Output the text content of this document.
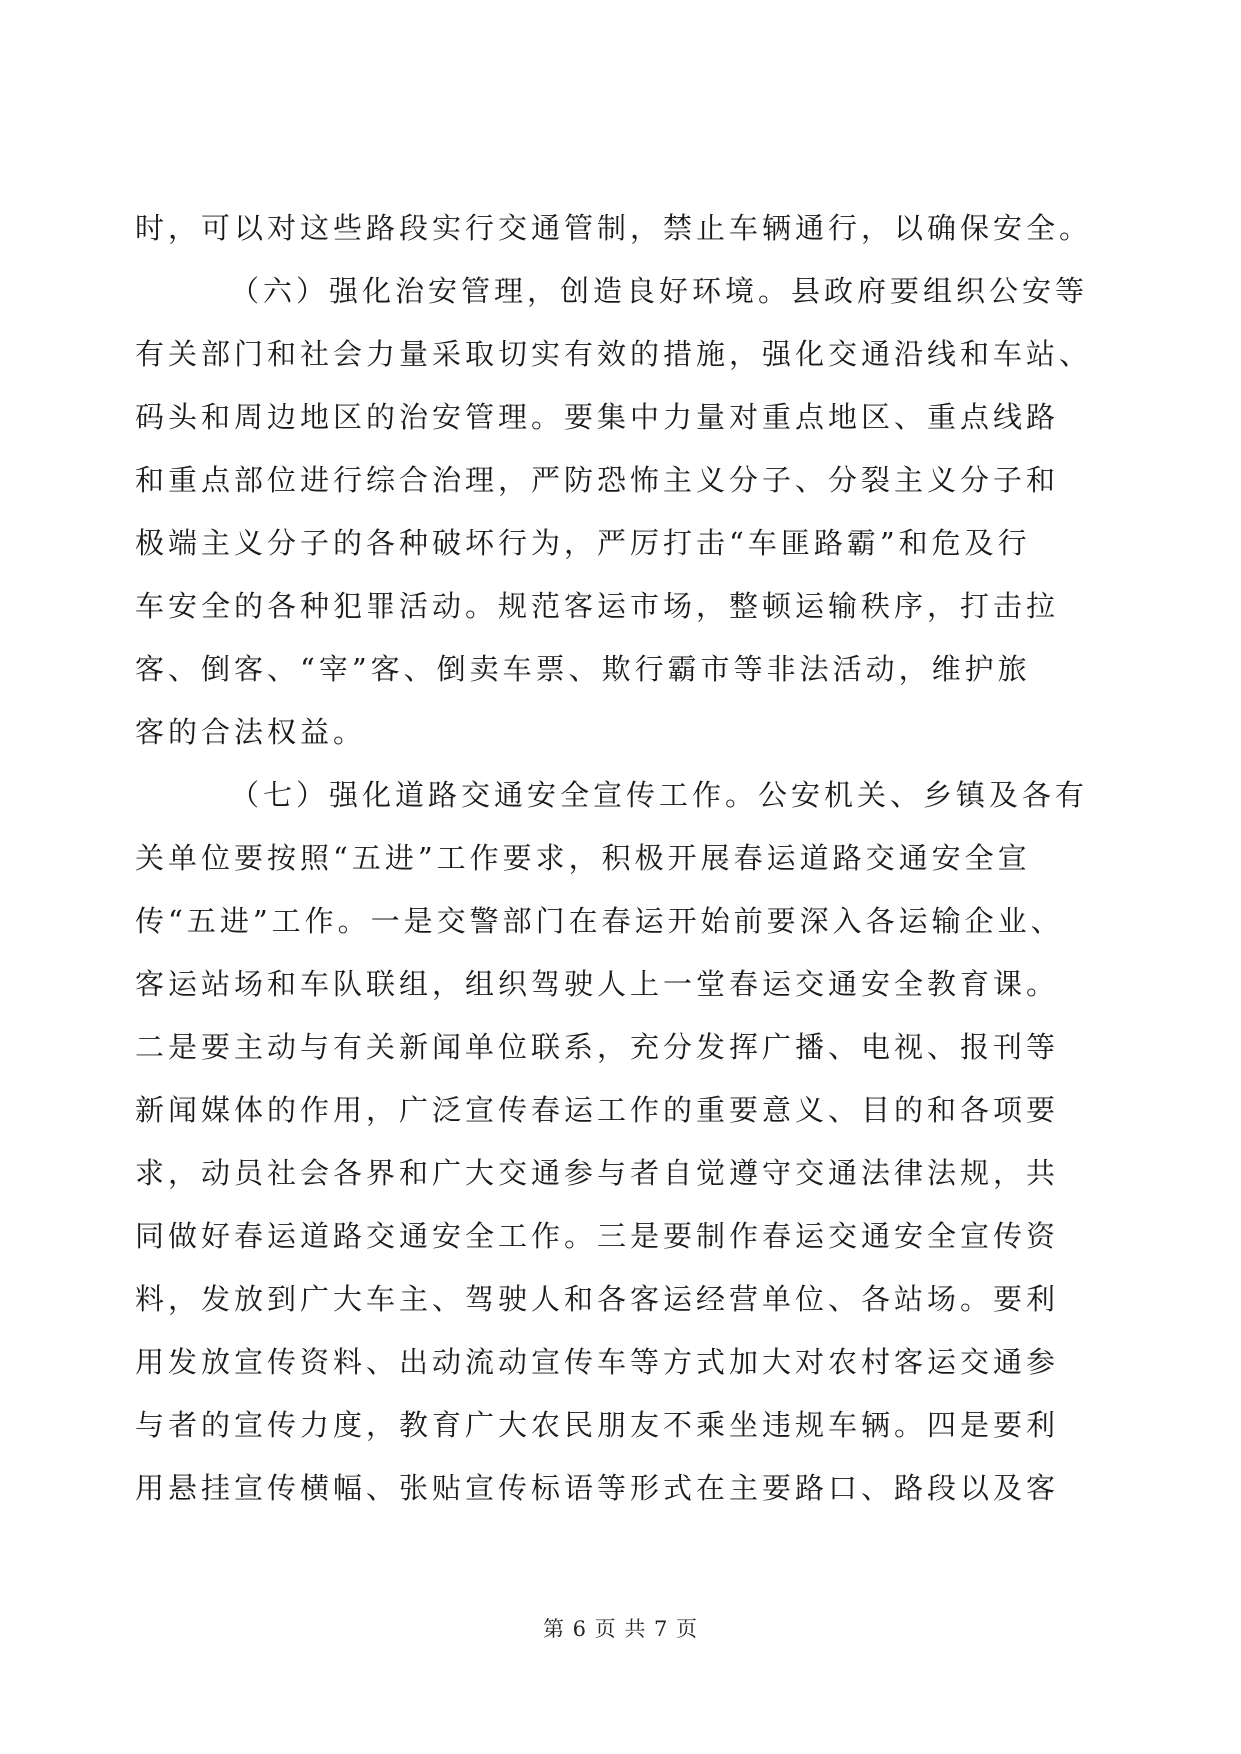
时，可以对这些路段实行交通管制，禁止车辆通行，以确保安全。
（六）强化治安管理，创造良好环境。县政府要组织公安等
有关部门和社会力量采取切实有效的措施，强化交通沿线和车站、
码头和周边地区的治安管理。要集中力量对重点地区、重点线路
和重点部位进行综合治理，严防恐怖主义分子、分裂主义分子和
极端主义分子的各种破坏行为，严厉打击“车匪路霸”和危及行
车安全的各种犯罪活动。规范客运市场，整顿运输秩序，打击拉
客、倒客、“宰”客、倒卖车票、欺行霸市等非法活动，维护旅
客的合法权益。
（七）强化道路交通安全宣传工作。公安机关、乡镇及各有
关单位要按照“五进”工作要求，积极开展春运道路交通安全宣
传“五进”工作。一是交警部门在春运开始前要深入各运输企业、
客运站场和车队联组，组织驾驶人上一堂春运交通安全教育课。
二是要主动与有关新闻单位联系，充分发挥广播、电视、报刊等
新闻媒体的作用，广泛宣传春运工作的重要意义、目的和各项要
求，动员社会各界和广大交通参与者自觉遵守交通法律法规，共
同做好春运道路交通安全工作。三是要制作春运交通安全宣传资
料，发放到广大车主、驾驶人和各客运经营单位、各站场。要利
用发放宣传资料、出动流动宣传车等方式加大对农村客运交通参
与者的宣传力度，教育广大农民朋友不乘坐违规车辆。四是要利
用悬挂宣传横幅、张贴宣传标语等形式在主要路口、路段以及客
第 6 页 共 7 页
